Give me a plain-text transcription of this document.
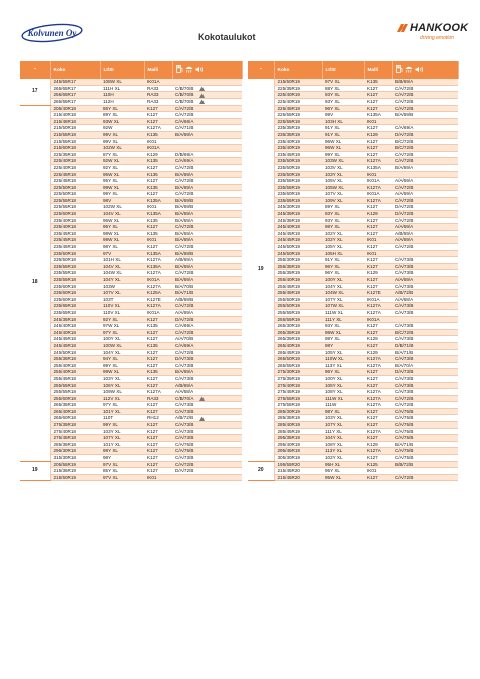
Kolvunen Oy	Kokotaulukot
HANKOOK
driving emotion
"	Koko	LI/SI	Malli	

17	245/55R17	108W XL	IK01A	
	265/65R17	111H XL	RA33	C/B/70/B
	255/65R17	110H	RA33	C/B/70/B
	265/65R17	112H	RA33	C/B/70/B
18	205/40R18	86Y XL	K127	C/A/72/B
	215/40R18	89Y XL	K127	C/A/72/B
	215/45R18	93W XL	K127	C/A/68/A
	215/50R18	92W	K127A	C/A/71/B
	215/55R18	99V XL	K135	B/A/69/A
	215/55R18	99V XL	IK01	
	215/60R18	102W XL	IK01A	
	225/35R18	87Y XL	K129	D/B/69/A
	225/40R18	92W XL	K135	C/A/69/A
	225/40R18	92Y XL	K127	C/A/72/B
	225/45R18	95W XL	K135	B/A/69/A
	225/45R18	95Y XL	K127	C/A/72/B
	225/50R18	99W XL	K135	B/A/69/A
	225/50R18	99Y XL	K127	C/A/72/B
	225/55R18	98V	K135A	B/A/69/B
	225/55R18	102W XL	IK01	B/A/69/B
	225/60R18	104V XL	K135A	B/A/69/A
	235/40R18	95W XL	K135	B/A/69/A
	235/40R18	95Y XL	K127	C/A/72/B
	235/45R18	98W XL	K135	B/A/69/A
	235/45R18	98W XL	IK01	B/A/69/A
	235/45R18	98Y XL	K127	C/A/72/B
	235/50R18	97V	K135A	B/A/69/B
	235/50R18	101H XL	K127A	A/B/69/A
	235/55R18	104V XL	K135A	B/A/69/A
	235/55R18	104W XL	K127A	C/A/72/B
	235/55R18	104Y XL	IK01A	B/A/69/A
	235/60R18	103W	K127A	B/A/70/B
	235/60R18	107V XL	K125A	B/A/71/B
	235/60R18	103T	K127E	A/B/69/B
	235/65R18	110V XL	K127A	C/A/72/B
	235/65R18	110V XL	IK01A	A/A/69/A
	245/35R18	92Y XL	K127	D/A/72/B
	245/40R18	97W XL	K135	C/A/69/A
	245/40R18	97Y XL	K127	C/A/72/B
	245/45R18	100Y XL	K127	A/A/70/B
	245/45R18	100W XL	K135	C/A/69/A
	245/50R18	104Y XL	K127	C/A/72/B
	255/35R18	94Y XL	K127	D/A/73/B
	255/40R18	99Y XL	K127	C/A/73/B
	255/40R18	99W XL	K135	B/A/69/A
	255/45R18	103Y XL	K127	C/A/73/B
	255/55R18	106Y XL	K127	A/B/69/A
	255/55R18	109W XL	K127A	A/A/68/A
	255/60R18	112V XL	RA33	C/B/70/A
	265/35R18	97Y XL	K127	C/A/73/B
	265/40R18	101Y XL	K127	C/A/73/B
	265/60R18	110T	RH12	A/B/72/B
	275/35R18	99Y XL	K127	C/A/73/B
	275/40R18	103Y XL	K127	C/A/73/B
	275/45R18	107Y XL	K127	C/A/73/B
	285/35R18	101Y XL	K127	C/A/75/B
	295/30R18	98Y XL	K127	C/A/75/B
	315/30R18	98Y	K127	C/A/73/B
19	205/55R19	97V XL	K127	C/A/72/B
	215/35R19	85Y XL	K127	D/A/72/B
	215/50R19	97V XL	IK01	
"	Koko	LI/SI	Malli	

19	215/50R19	97V XL	K135	B/B/69/A
	225/35R19	88Y XL	K127	C/A/72/B
	225/40R19	93Y XL	K127	C/A/72/B
	225/40R19	93Y XL	K127	C/A/72/B
	225/45R19	96Y XL	K127	C/A/72/B
	225/55R19	99V	K135A	B/A/69/B
	225/55R19	103H XL	IK01	
	235/35R19	91Y XL	K127	C/A/69/A
	235/35R19	91Y XL	K129	D/A/72/B
	235/40R19	96W XL	K127	B/C/72/B
	235/40R19	96W XL	K127	B/C/72/B
	235/45R19	99Y XL	K127	C/A/72/B
	235/50R19	103W XL	K127A	C/A/72/B
	235/50R19	103V XL	K135A	B/A/69/A
	235/50R19	103Y XL	IK01	
	235/55R19	105V XL	IK01A	A/A/69/A
	235/55R19	105W XL	K127A	C/A/72/B
	235/60R19	107V XL	IK01A	A/A/69/A
	235/65R19	109V XL	K127A	C/A/72/B
	245/30R19	89Y XL	K127	D/A/72/B
	245/35R19	93Y XL	K129	D/A/72/B
	245/35R19	93Y XL	K127	C/A/72/B
	245/40R19	98Y XL	K127	A/A/69/A
	245/45R19	102Y XL	K127	A/B/69/A
	245/45R19	102Y XL	IK01	A/A/69/A
	245/50R19	105Y XL	K127	C/A/72/B
	245/50R19	105H XL	IK01	
	255/30R19	91Y XL	K127	C/A/73/B
	255/35R19	96Y XL	K127	C/A/73/B
	255/35R19	96Y XL	K129	C/A/73/B
	255/40R19	100Y XL	K127	A/A/69/A
	255/45R19	104Y XL	K127	C/A/73/B
	255/45R19	104W XL	K127E	A/B/72/B
	255/50R19	107Y XL	IK01A	A/A/68/A
	255/50R19	107W XL	K127A	C/A/73/B
	255/55R19	111W XL	K127A	C/A/73/B
	255/55R19	111Y XL	IK01A	
	265/30R19	93Y XL	K127	C/A/73/B
	265/35R19	98W XL	K127	B/C/72/B
	265/35R19	98Y XL	K129	C/A/73/B
	265/40R19	98Y	K127	D/B/71/B
	265/45R19	105Y XL	K129	B/A/71/B
	265/50R19	110W XL	K127A	C/A/73/B
	265/55R19	113Y XL	K127A	B/A/70/A
	275/30R19	96Y XL	K127	D/A/73/B
	275/35R19	100Y XL	K127	C/A/73/B
	275/40R19	105Y XL	K127	C/A/73/B
	275/45R19	108Y XL	K127A	C/A/73/B
	275/55R19	111W XL	K127A	C/A/72/B
	275/55R19	111W	K127A	C/A/72/B
	285/30R19	98Y XL	K127	C/A/75/B
	285/35R19	103Y XL	K127	C/A/75/B
	285/40R19	107Y XL	K127	C/A/75/B
	285/45R19	111Y XL	K127A	C/A/75/B
	295/35R19	104Y XL	K127	C/A/75/B
	295/40R19	108Y XL	K129	B/A/71/B
	295/45R19	113Y XL	K127A	C/A/75/B
	305/30R19	102Y XL	K127	C/A/75/B
20	195/55R20	95H XL	K125	B/B/72/B
	215/45R20	95Y XL	IK01	
	215/45R20	95W XL	K127	C/A/72/B
